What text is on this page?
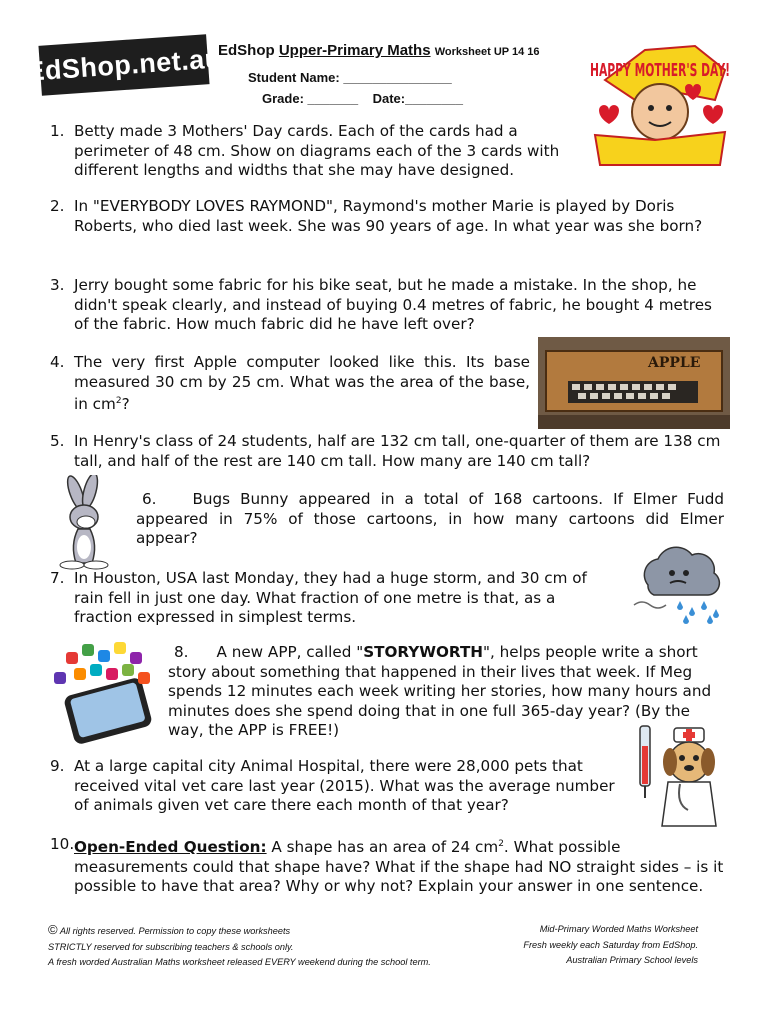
EdShop.net.au
EdShop Upper-Primary Maths Worksheet UP 14 16
Student Name: _______________
Grade: _______ Date:________
HAPPY MOTHER'S DAY!
1. Betty made 3 Mothers' Day cards. Each of the cards had a perimeter of 48 cm. Show on diagrams each of the 3 cards with different lengths and widths that she may have designed.
2. In "EVERYBODY LOVES RAYMOND", Raymond's mother Marie is played by Doris Roberts, who died last week. She was 90 years of age. In what year was she born?
3. Jerry bought some fabric for his bike seat, but he made a mistake. In the shop, he didn't speak clearly, and instead of buying 0.4 metres of fabric, he bought 4 metres of the fabric. How much fabric did he have left over?
4. The very first Apple computer looked like this. Its base measured 30 cm by 25 cm. What was the area of the base, in $cm^2$?
APPLE
5. In Henry's class of 24 students, half are 132 cm tall, one-quarter of them are 138 cm tall, and half of the rest are 140 cm tall. How many are 140 cm tall?
6. Bugs Bunny appeared in a total of 168 cartoons. If Elmer Fudd appeared in 75% of those cartoons, in how many cartoons did Elmer appear?
7. In Houston, USA last Monday, they had a huge storm, and 30 cm of rain fell in just one day. What fraction of one metre is that, as a fraction expressed in simplest terms.
8. A new APP, called "STORYWORTH", helps people write a short story about something that happened in their lives that week. If Meg spends 12 minutes each week writing her stories, how many hours and minutes does she spend doing that in one full 365-day year? (By the way, the APP is FREE!)
9. At a large capital city Animal Hospital, there were 28,000 pets that received vital vet care last year (2015). What was the average number of animals given vet care there each month of that year?
10. Open-Ended Question: A shape has an area of 24 $cm^2$. What possible measurements could that shape have? What if the shape had NO straight sides – is it possible to have that area? Why or why not? Explain your answer in one sentence.
© All rights reserved. Permission to copy these worksheets
STRICTLY reserved for subscribing teachers & schools only.
A fresh worded Australian Maths worksheet released EVERY weekend during the school term.
Mid-Primary Worded Maths Worksheet
Fresh weekly each Saturday from EdShop.
Australian Primary School levels
